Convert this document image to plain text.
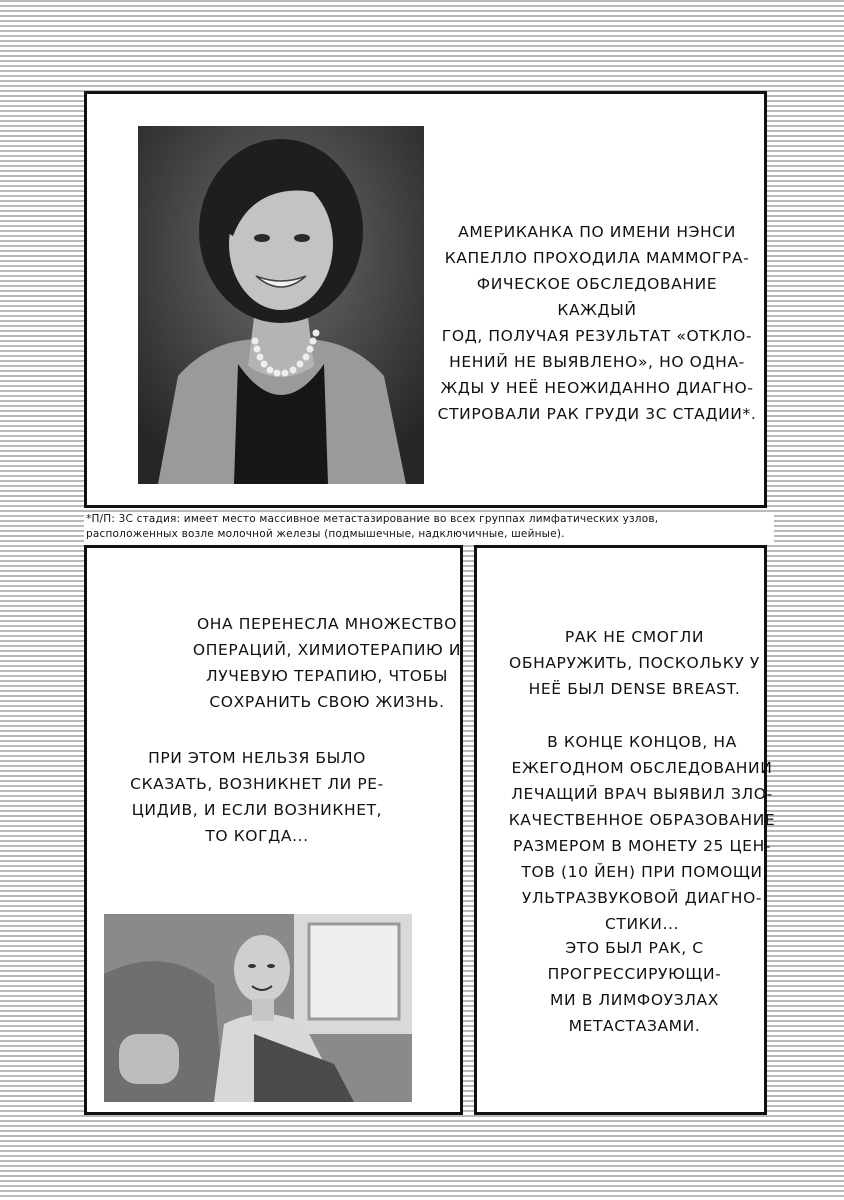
АМЕРИКАНКА ПО ИМЕНИ НЭНСИ
КАПЕЛЛО ПРОХОДИЛА МАММОГРА-
ФИЧЕСКОЕ ОБСЛЕДОВАНИЕ КАЖДЫЙ
ГОД, ПОЛУЧАЯ РЕЗУЛЬТАТ «ОТКЛО-
НЕНИЙ НЕ ВЫЯВЛЕНО», НО ОДНА-
ЖДЫ У НЕЁ НЕОЖИДАННО ДИАГНО-
СТИРОВАЛИ РАК ГРУДИ 3С СТАДИИ*.
*П/П: 3С стадия: имеет место массивное метастазирование во всех группах лимфатических узлов,
расположенных возле молочной железы (подмышечные, надключичные, шейные).
ОНА ПЕРЕНЕСЛА МНОЖЕСТВО
ОПЕРАЦИЙ, ХИМИОТЕРАПИЮ И
ЛУЧЕВУЮ ТЕРАПИЮ, ЧТОБЫ
СОХРАНИТЬ СВОЮ ЖИЗНЬ.
ПРИ ЭТОМ НЕЛЬЗЯ БЫЛО
СКАЗАТЬ, ВОЗНИКНЕТ ЛИ РЕ-
ЦИДИВ, И ЕСЛИ ВОЗНИКНЕТ,
ТО КОГДА...
РАК НЕ СМОГЛИ
ОБНАРУЖИТЬ, ПОСКОЛЬКУ У
НЕЁ БЫЛ DENSE BREAST.
В КОНЦЕ КОНЦОВ, НА
ЕЖЕГОДНОМ ОБСЛЕДОВАНИИ
ЛЕЧАЩИЙ ВРАЧ ВЫЯВИЛ ЗЛО-
КАЧЕСТВЕННОЕ ОБРАЗОВАНИЕ
РАЗМЕРОМ В МОНЕТУ 25 ЦЕН-
ТОВ (10 ЙЕН) ПРИ ПОМОЩИ
УЛЬТРАЗВУКОВОЙ ДИАГНО-
СТИКИ...
ЭТО БЫЛ РАК, С
ПРОГРЕССИРУЮЩИ-
МИ В ЛИМФОУЗЛАХ
МЕТАСТАЗАМИ.
